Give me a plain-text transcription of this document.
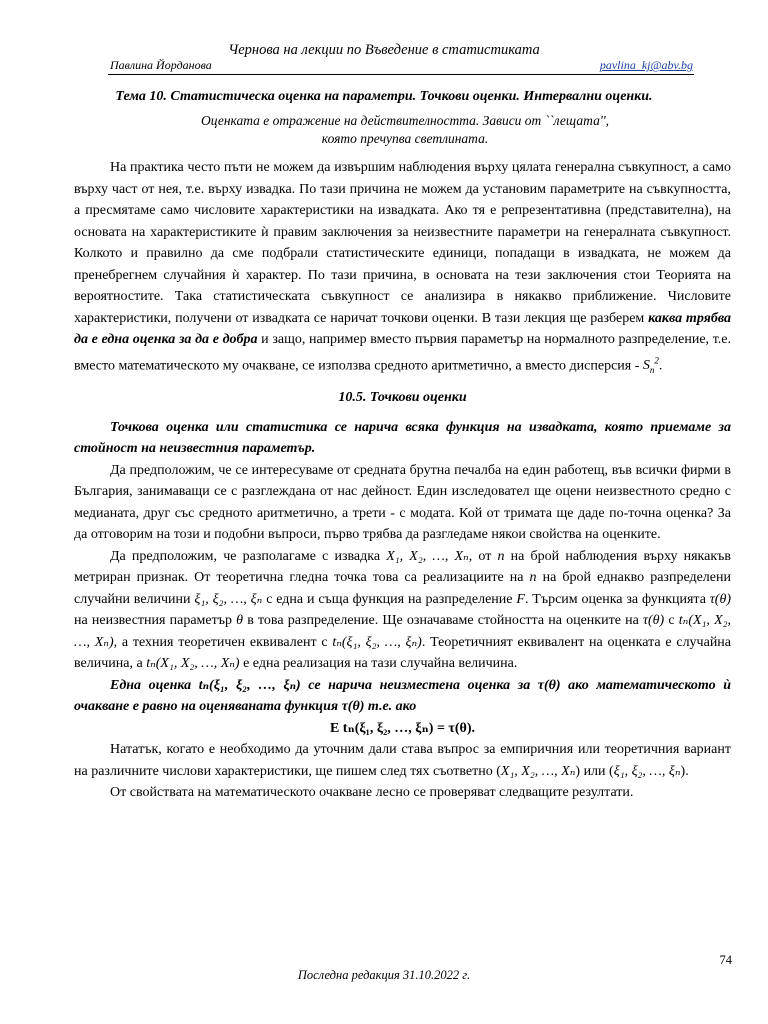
Чернова на лекции по Въведение в статистиката
Павлина Йорданова	pavlina_kj@abv.bg
Тема 10. Статистическа оценка на параметри. Точкови оценки. Интервални оценки.
Оценката е отражение на действителността. Зависи от ``лещата'',
която пречупва светлината.

На практика често пъти не можем да извършим наблюдения върху цялата генерална съвкупност, а само върху част от нея, т.е. върху извадка. По тази причина не можем да установим параметрите на съвкупността, а пресмятаме само числовите характеристики на извадката. Ако тя е репрезентативна (представителна), на основата на характеристиките ѝ правим заключения за неизвестните параметри на генералната съвкупност. Колкото и правилно да сме подбрали статистическите единици, попадащи в извадката, не можем да пренебрегнем случайния ѝ характер. По тази причина, в основата на тези заключения стои Теорията на вероятностите. Така статистическата съвкупност се анализира в някакво приближение. Числовите характеристики, получени от извадката се наричат точкови оценки. В тази лекция ще разберем каква трябва да е една оценка за да е добра и защо, например вместо първия параметър на нормалното разпределение, т.е. вместо математическото му очакване, се използва средното аритметично, а вместо дисперсия - $S_n^2$.

10.5. Точкови оценки

Точкова оценка или статистика се нарича всяка функция на извадката, която приемаме за стойност на неизвестния параметър.

Да предположим, че се интересуваме от средната брутна печалба на един работещ, във всички фирми в България, занимаващи се с разглеждана от нас дейност. Един изследовател ще оцени неизвестното средно с медианата, друг със средното аритметично, а трети - с модата. Кой от тримата ще даде по-точна оценка? За да отговорим на този и подобни въпроси, първо трябва да разгледаме някои свойства на оценките.

Да предположим, че разполагаме с извадка X₁, X₂, …, Xₙ, от n на брой наблюдения върху някакъв метриран признак. От теоретична гледна точка това са реализациите на n на брой еднакво разпределени случайни величини ξ₁, ξ₂, …, ξₙ с една и съща функция на разпределение F. Търсим оценка за функцията τ(θ) на неизвестния параметър θ в това разпределение. Ще означаваме стойността на оценките на τ(θ) с tₙ(X₁, X₂, …, Xₙ), а техния теоретичен еквивалент с tₙ(ξ₁, ξ₂, …, ξₙ). Теоретичният еквивалент на оценката е случайна величина, а tₙ(X₁, X₂, …, Xₙ) е една реализация на тази случайна величина.

Една оценка tₙ(ξ₁, ξ₂, …, ξₙ) се нарича неизместена оценка за τ(θ) ако математическото ѝ очакване е равно на оценяваната функция τ(θ) т.е. ако

E tₙ(ξ₁, ξ₂, …, ξₙ) = τ(θ).

Нататък, когато е необходимо да уточним дали става въпрос за емпиричния или теоретичния вариант на различните числови характеристики, ще пишем след тях съответно (X₁, X₂, …, Xₙ) или (ξ₁, ξ₂, …, ξₙ).

От свойствата на математическото очакване лесно се проверяват следващите резултати.

74
Последна редакция 31.10.2022 г.
